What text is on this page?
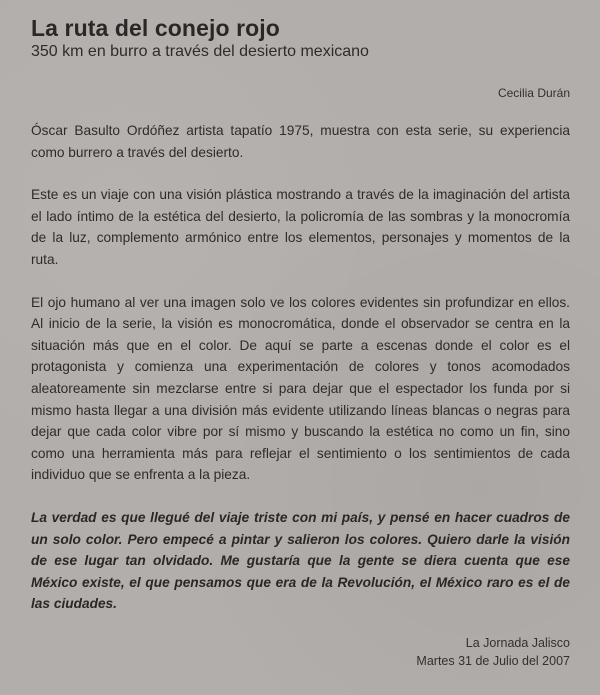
La ruta del conejo rojo

350 km en burro a través del desierto mexicano

Cecilia Durán

Óscar Basulto Ordóñez artista tapatío 1975, muestra con esta serie, su experiencia como burrero a través del desierto.

Este es un viaje con una visión plástica mostrando a través de la imaginación del artista el lado íntimo de la estética del desierto, la policromía de las sombras y la monocromía de la luz, complemento armónico entre los elementos, personajes y momentos de la ruta.

El ojo humano al ver una imagen solo ve los colores evidentes sin profundizar en ellos. Al inicio de la serie, la visión es monocromática, donde el observador se centra en la situación más que en el color. De aquí se parte a escenas donde el color es el protagonista y comienza una experimentación de colores y tonos acomodados aleatoreamente sin mezclarse entre si para dejar que el espectador los funda por si mismo hasta llegar a una división más evidente utilizando líneas blancas o negras para dejar que cada color vibre por sí mismo y buscando la estética no como un fin, sino como una herramienta más para reflejar el sentimiento o los sentimientos de cada individuo que se enfrenta a la pieza.

La verdad es que llegué del viaje triste con mi país, y pensé en hacer cuadros de un solo color. Pero empecé a pintar y salieron los colores. Quiero darle la visión de ese lugar tan olvidado. Me gustaría que la gente se diera cuenta que ese México existe, el que pensamos que era de la Revolución, el México raro es el de las ciudades.

La Jornada Jalisco
Martes 31 de Julio del 2007
